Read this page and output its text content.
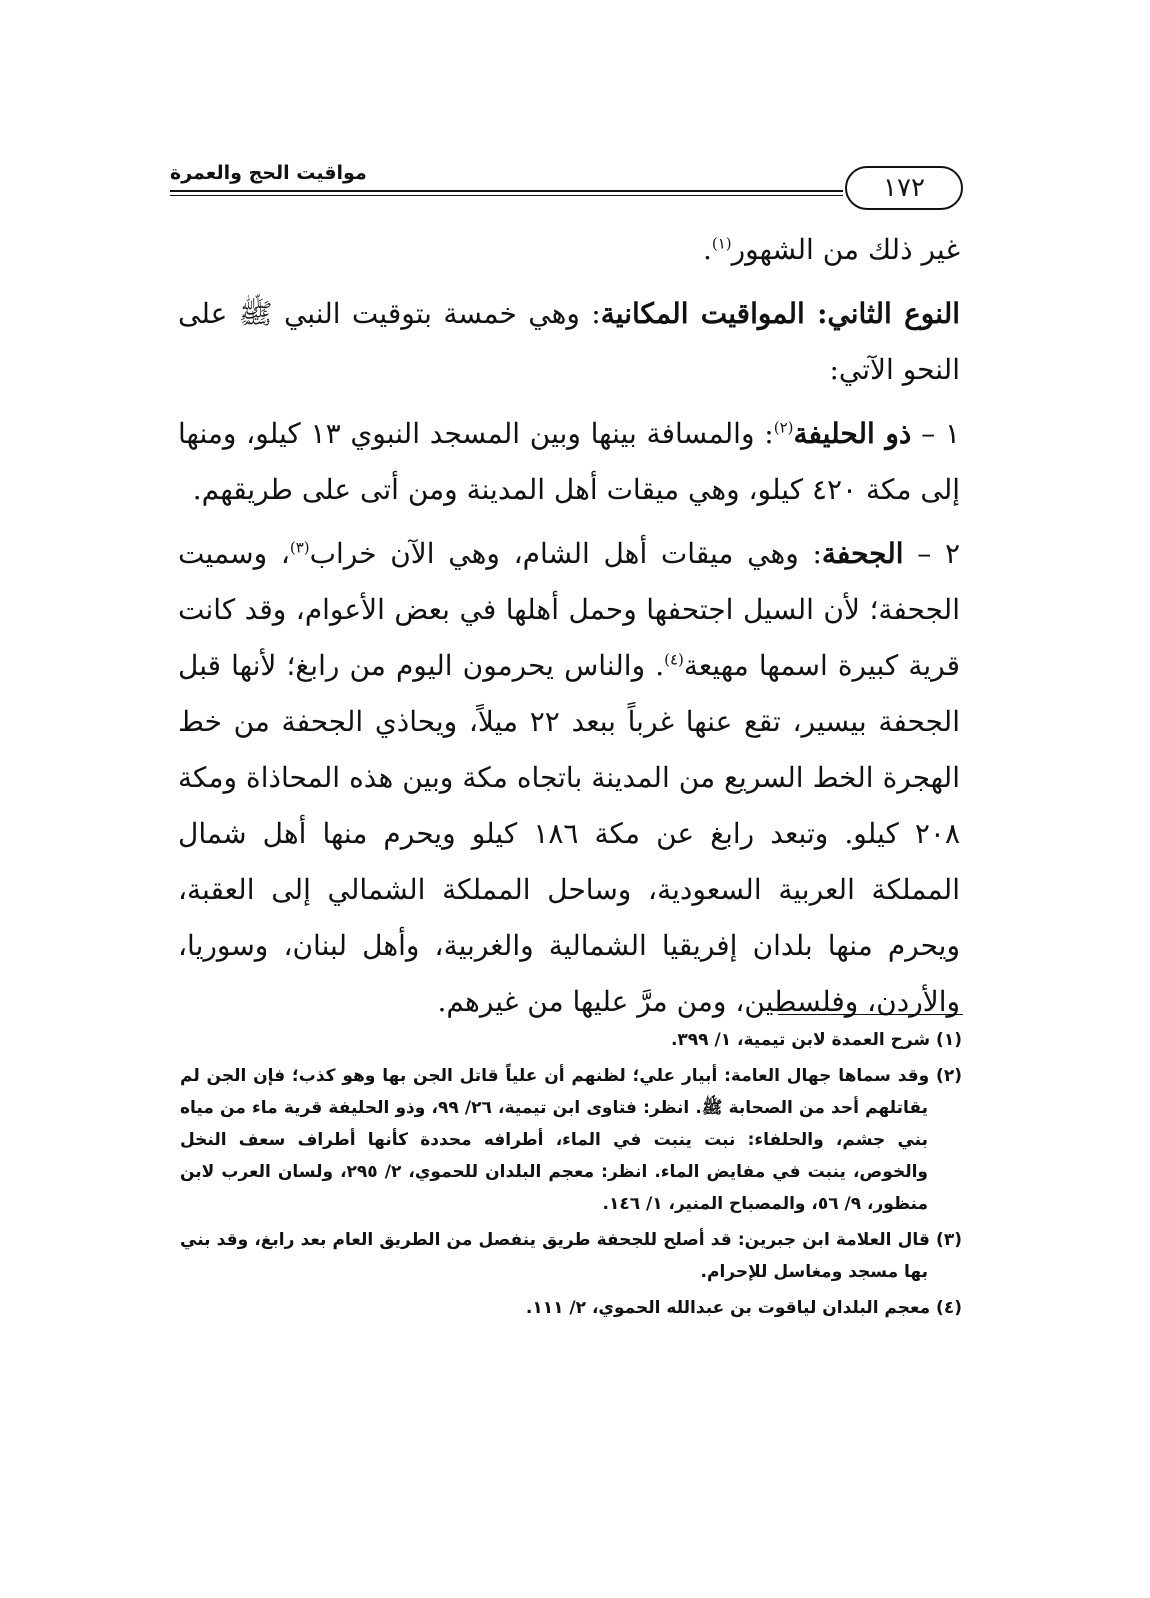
مواقيت الحج والعمرة	١٧٢

غير ذلك من الشهور$^{(١)}$.

النوع الثاني: المواقيت المكانية: وهي خمسة بتوقيت النبي ﷺ على النحو الآتي:

١ – ذو الحليفة$^{(٢)}$: والمسافة بينها وبين المسجد النبوي ١٣ كيلو، ومنها إلى مكة ٤٢٠ كيلو، وهي ميقات أهل المدينة ومن أتى على طريقهم.

٢ – الجحفة: وهي ميقات أهل الشام، وهي الآن خراب$^{(٣)}$، وسميت الجحفة؛ لأن السيل اجتحفها وحمل أهلها في بعض الأعوام، وقد كانت قرية كبيرة اسمها مهيعة$^{(٤)}$. والناس يحرمون اليوم من رابغ؛ لأنها قبل الجحفة بيسير، تقع عنها غرباً ببعد ٢٢ ميلاً، ويحاذي الجحفة من خط الهجرة الخط السريع من المدينة باتجاه مكة وبين هذه المحاذاة ومكة ٢٠٨ كيلو. وتبعد رابغ عن مكة ١٨٦ كيلو ويحرم منها أهل شمال المملكة العربية السعودية، وساحل المملكة الشمالي إلى العقبة، ويحرم منها بلدان إفريقيا الشمالية والغربية، وأهل لبنان، وسوريا، والأردن، وفلسطين، ومن مرَّ عليها من غيرهم.

(١) شرح العمدة لابن تيمية، ١/ ٣٩٩.

(٢) وقد سماها جهال العامة: أبيار علي؛ لظنهم أن علياً قاتل الجن بها وهو كذب؛ فإن الجن لم يقاتلهم أحد من الصحابة ﷺ. انظر: فتاوى ابن تيمية، ٢٦/ ٩٩، وذو الحليفة قرية ماء من مياه بني جشم، والحلفاء: نبت ينبت في الماء، أطرافه محددة كأنها أطراف سعف النخل والخوص، ينبت في مفايض الماء. انظر: معجم البلدان للحموي، ٢/ ٢٩٥، ولسان العرب لابن منظور، ٩/ ٥٦، والمصباح المنير، ١/ ١٤٦.

(٣) قال العلامة ابن جبرين: قد أصلح للجحفة طريق ينفصل من الطريق العام بعد رابغ، وقد بني بها مسجد ومغاسل للإحرام.

(٤) معجم البلدان لياقوت بن عبدالله الحموي، ٢/ ١١١.
